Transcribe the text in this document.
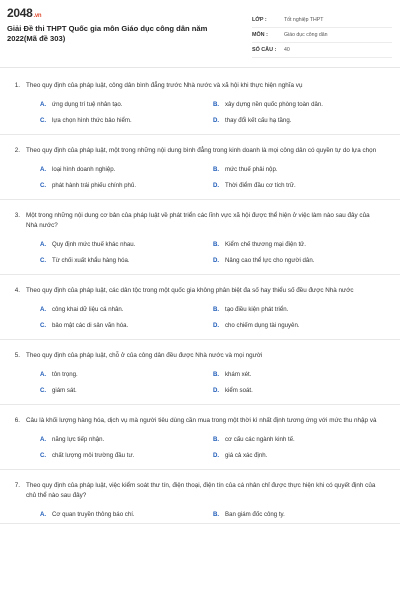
2048.vn
Giải Đề thi THPT Quốc gia môn Giáo dục công dân năm 2022(Mã đề 303)
LỚP :	Tốt nghiệp THPT
MÔN :	Giáo dục công dân
SỐ CÂU :	40
1. Theo quy định của pháp luật, công dân bình đẳng trước Nhà nước và xã hội khi thực hiện nghĩa vụ
A. ứng dụng trí tuệ nhân tạo.	B. xây dựng nền quốc phòng toàn dân.
C. lựa chọn hình thức bảo hiểm.	D. thay đổi kết cấu hạ tầng.
2. Theo quy định của pháp luật, một trong những nội dung bình đẳng trong kinh doanh là mọi công dân có quyền tự do lựa chọn
A. loại hình doanh nghiệp.	B. mức thuế phải nộp.
C. phát hành trái phiếu chính phủ.	D. Thời điểm đầu cơ tích trữ.
3. Một trong những nội dung cơ bản của pháp luật về phát triển các lĩnh vực xã hội được thể hiện ở việc làm nào sau đây của Nhà nước?
A. Quy định mức thuế khác nhau.	B. Kiểm chế thương mại điện tử.
C. Từ chối xuất khẩu hàng hóa.	D. Nâng cao thể lực cho người dân.
4. Theo quy định của pháp luật, các dân tộc trong một quốc gia không phân biệt đa số hay thiểu số đều được Nhà nước
A. công khai dữ liệu cá nhân.	B. tạo điều kiện phát triển.
C. bảo mật các di sản văn hóa.	D. cho chiếm dụng tài nguyên.
5. Theo quy định của pháp luật, chỗ ở của công dân đều được Nhà nước và mọi người
A. tôn trọng.	B. khám xét.
C. giám sát.	D. kiểm soát.
6. Câu là khối lượng hàng hóa, dịch vụ mà người tiêu dùng cần mua trong một thời kì nhất định tương ứng với mức thu nhập và
A. năng lực tiếp nhận.	B. cơ cấu các ngành kinh tế.
C. chất lượng môi trường đầu tư.	D. giá cả xác định.
7. Theo quy định của pháp luật, việc kiểm soát thư tín, điện thoại, điện tín của cá nhân chỉ được thực hiện khi có quyết định của chủ thể nào sau đây?
A. Cơ quan truyền thông báo chí.	B. Ban giám đốc công ty.
